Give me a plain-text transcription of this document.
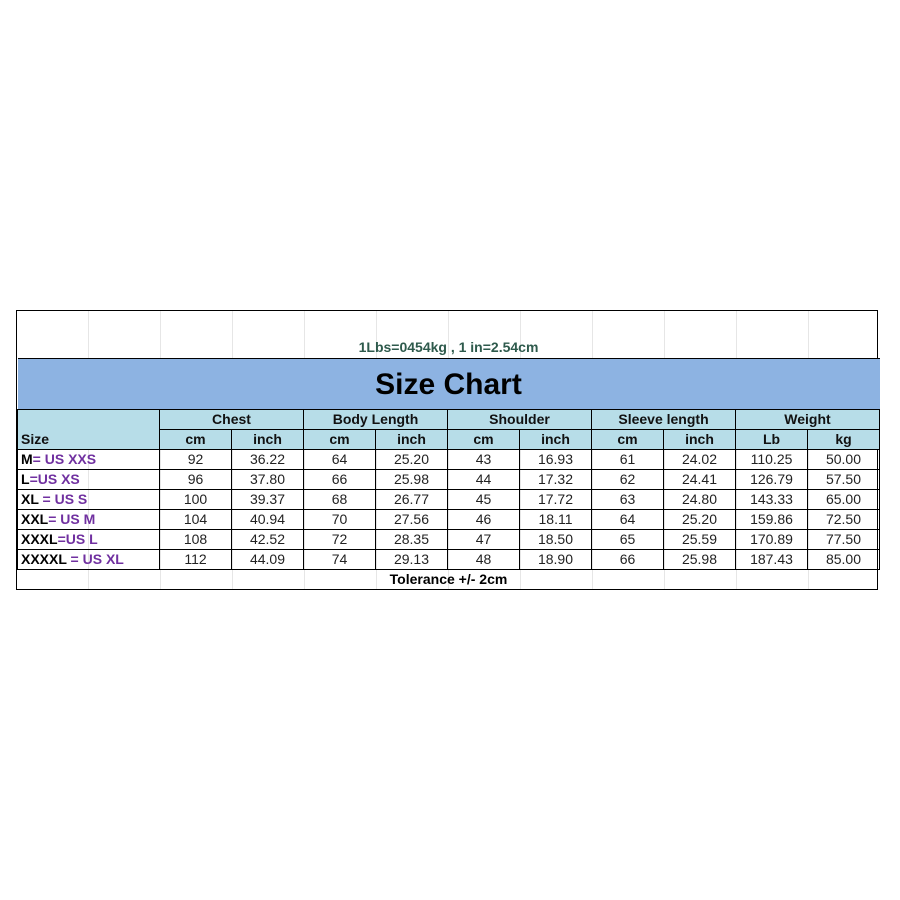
1Lbs=0454kg , 1 in=2.54cm										
Size Chart										
	Chest		Body Length		Shoulder		Sleeve length		Weight	
Size	cm	inch	cm	inch	cm	inch	cm	inch	Lb	kg
M= US XXS	92	36.22	64	25.20	43	16.93	61	24.02	110.25	50.00
L=US XS	96	37.80	66	25.98	44	17.32	62	24.41	126.79	57.50
XL = US S	100	39.37	68	26.77	45	17.72	63	24.80	143.33	65.00
XXL= US M	104	40.94	70	27.56	46	18.11	64	25.20	159.86	72.50
XXXL=US L	108	42.52	72	28.35	47	18.50	65	25.59	170.89	77.50
XXXXL = US XL	112	44.09	74	29.13	48	18.90	66	25.98	187.43	85.00
Tolerance +/- 2cm										
